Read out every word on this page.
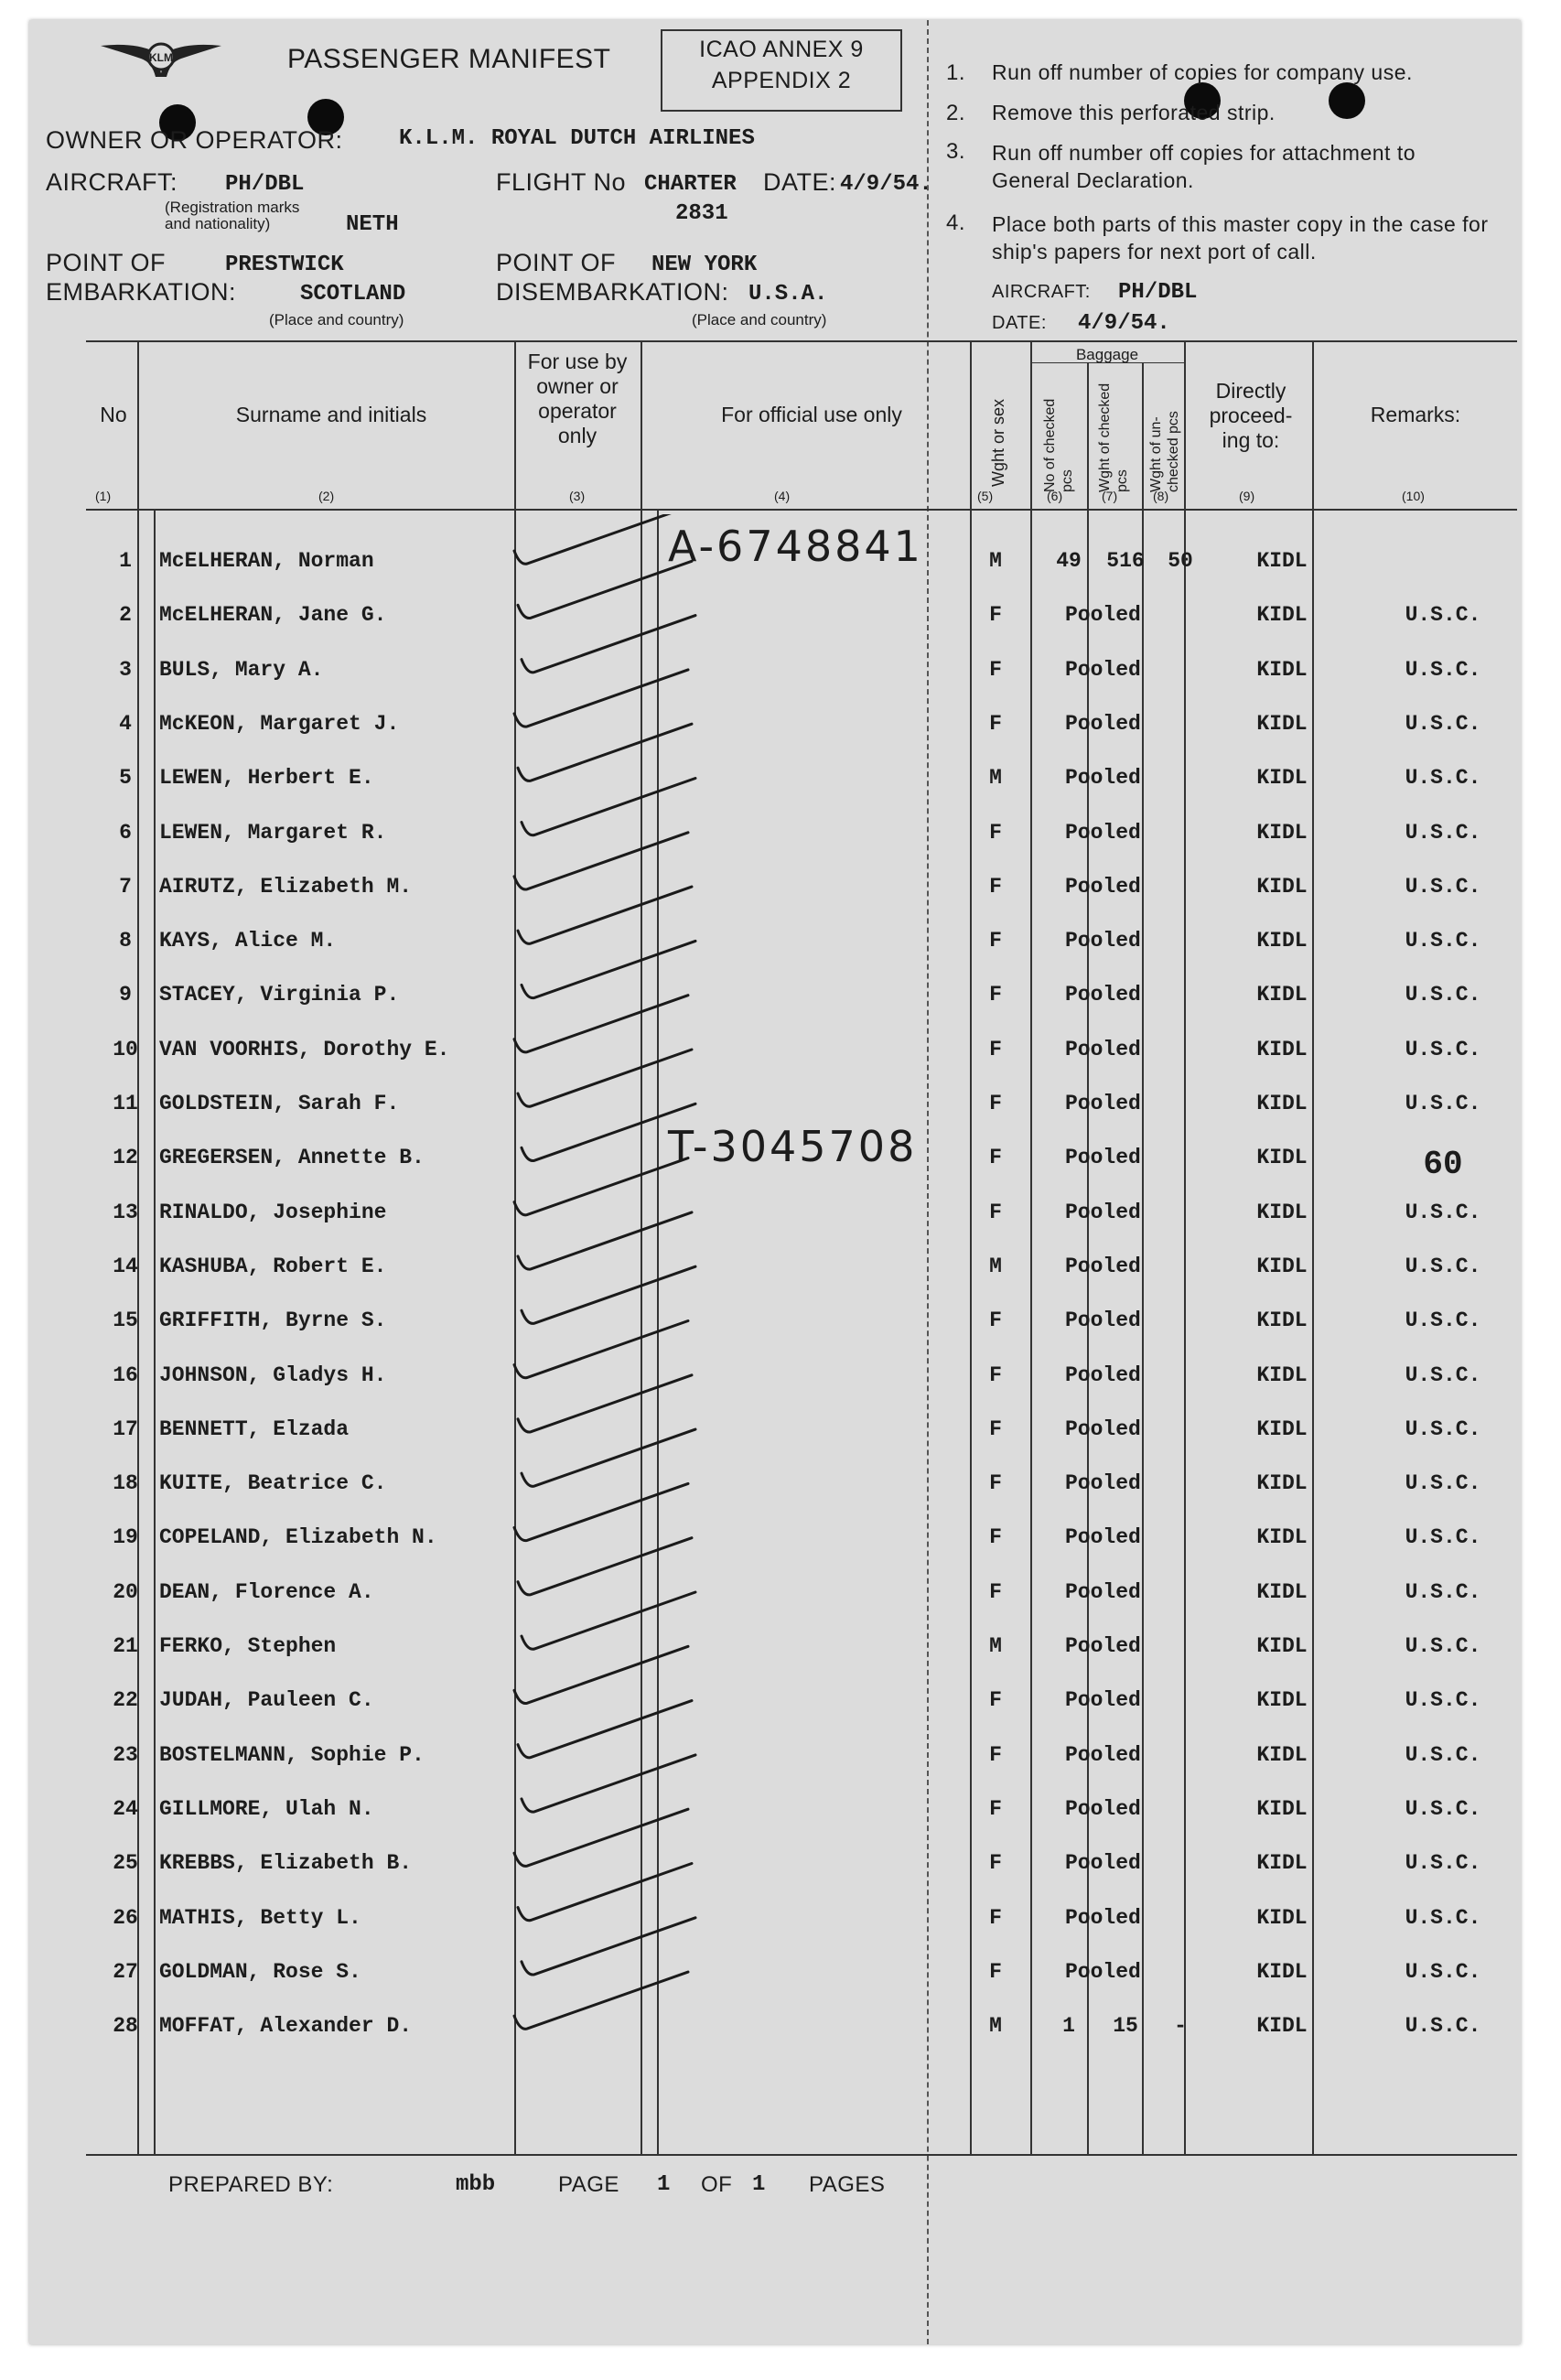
KLM	PASSENGER MANIFEST	ICAO ANNEX 9
APPENDIX 2
OWNER OR OPERATOR:	K.L.M. ROYAL DUTCH AIRLINES
AIRCRAFT: PH/DBL
(Registration marks and nationality)	NETH
FLIGHT No CHARTER DATE: 4/9/54.
2831
POINT OF
EMBARKATION:
PRESTWICK
SCOTLAND
(Place and country)
POINT OF
DISEMBARKATION:
NEW YORK
U.S.A.
(Place and country)
1. Run off number of copies for company use.
2. Remove this perforated strip.
3. Run off number off copies for attachment to General Declaration.
4. Place both parts of this master copy in the case for ship's papers for next port of call.
AIRCRAFT: PH/DBL
DATE: 4/9/54.
No	Surname and initials
For use by owner or operator only
For official use only	Wght or sex
Baggage
No of checked pcs Wght of checked pcs Wght of un-checked pcs
Directly proceed-ing to:
Remarks:
(1)	(2)	(3)	(4)	(5)	(6)	(7)	(8)	(9)	(10)
A-6748841
T-3045708
1	McELHERAN, Norman	M	49	516	50	KIDL
2	McELHERAN, Jane G.	F	Pooled	KIDL	U.S.C.
3	BULS, Mary A.	F	Pooled	KIDL	U.S.C.
4	McKEON, Margaret J.	F	Pooled	KIDL	U.S.C.
5	LEWEN, Herbert E.	M	Pooled	KIDL	U.S.C.
6	LEWEN, Margaret R.	F	Pooled	KIDL	U.S.C.
7	AIRUTZ, Elizabeth M.	F	Pooled	KIDL	U.S.C.
8	KAYS, Alice M.	F	Pooled	KIDL	U.S.C.
9	STACEY, Virginia P.	F	Pooled	KIDL	U.S.C.
10	VAN VOORHIS, Dorothy E.	F	Pooled	KIDL	U.S.C.
11	GOLDSTEIN, Sarah F.	F	Pooled	KIDL	U.S.C.
12	GREGERSEN, Annette B.	F	Pooled	KIDL	60
13	RINALDO, Josephine	F	Pooled	KIDL	U.S.C.
14	KASHUBA, Robert E.	M	Pooled	KIDL	U.S.C.
15	GRIFFITH, Byrne S.	F	Pooled	KIDL	U.S.C.
16	JOHNSON, Gladys H.	F	Pooled	KIDL	U.S.C.
17	BENNETT, Elzada	F	Pooled	KIDL	U.S.C.
18	KUITE, Beatrice C.	F	Pooled	KIDL	U.S.C.
19	COPELAND, Elizabeth N.	F	Pooled	KIDL	U.S.C.
20	DEAN, Florence A.	F	Pooled	KIDL	U.S.C.
21	FERKO, Stephen	M	Pooled	KIDL	U.S.C.
22	JUDAH, Pauleen C.	F	Pooled	KIDL	U.S.C.
23	BOSTELMANN, Sophie P.	F	Pooled	KIDL	U.S.C.
24	GILLMORE, Ulah N.	F	Pooled	KIDL	U.S.C.
25	KREBBS, Elizabeth B.	F	Pooled	KIDL	U.S.C.
26	MATHIS, Betty L.	F	Pooled	KIDL	U.S.C.
27	GOLDMAN, Rose S.	F	Pooled	KIDL	U.S.C.
28	MOFFAT, Alexander D.	M	1	15	-	KIDL	U.S.C.
PREPARED BY:	mbb	PAGE 1 OF 1 PAGES
